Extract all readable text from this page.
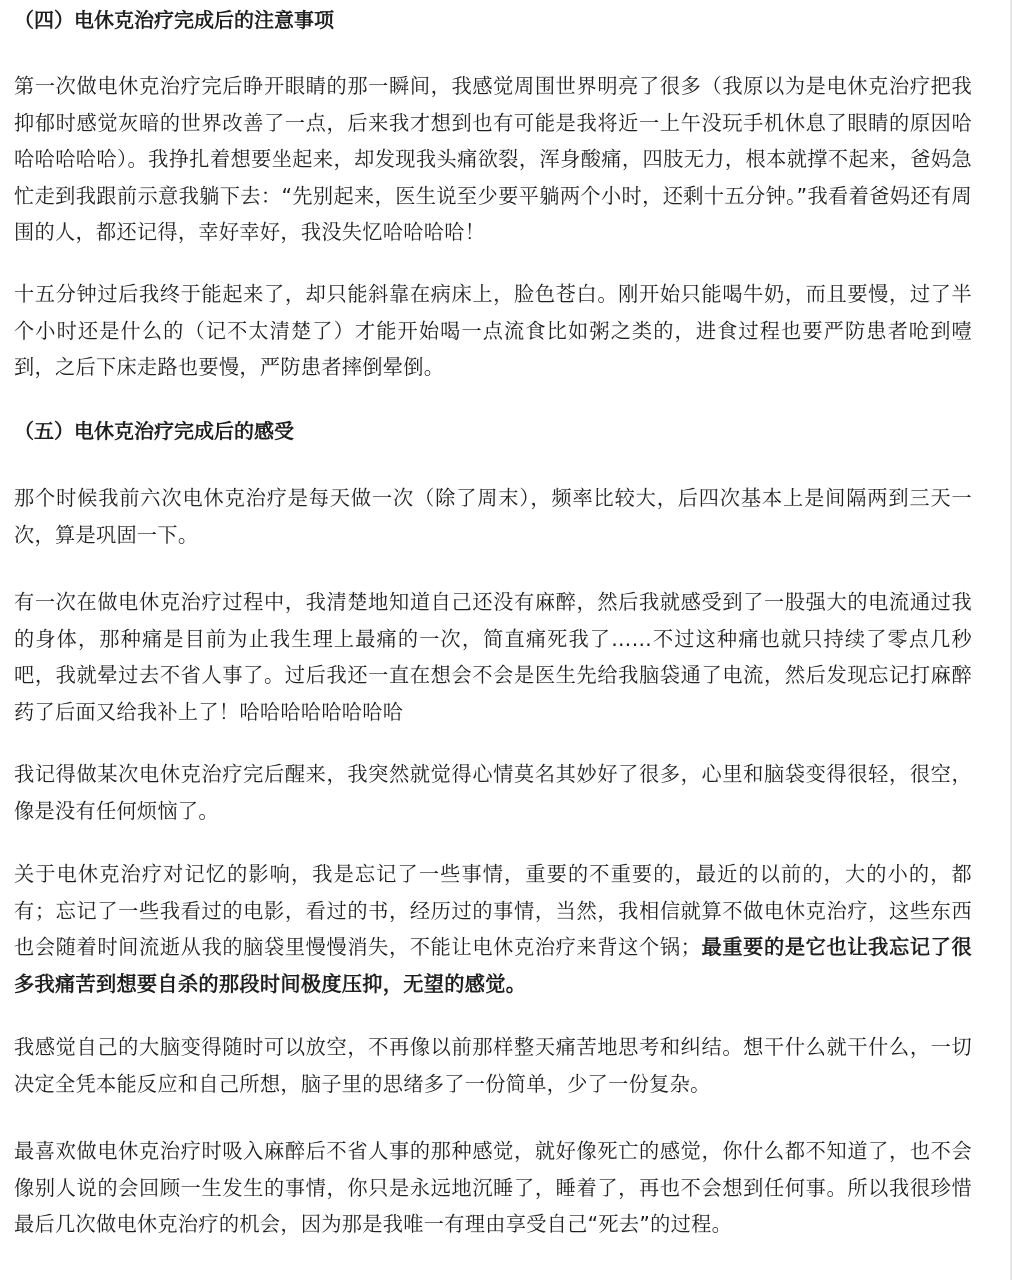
（四）电休克治疗完成后的注意事项

第一次做电休克治疗完后睁开眼睛的那一瞬间，我感觉周围世界明亮了很多（我原以为是电休克治疗把我抑郁时感觉灰暗的世界改善了一点，后来我才想到也有可能是我将近一上午没玩手机休息了眼睛的原因哈哈哈哈哈哈）。我挣扎着想要坐起来，却发现我头痛欲裂，浑身酸痛，四肢无力，根本就撑不起来，爸妈急忙走到我跟前示意我躺下去：“先别起来，医生说至少要平躺两个小时，还剩十五分钟。”我看着爸妈还有周围的人，都还记得，幸好幸好，我没失忆哈哈哈哈！

十五分钟过后我终于能起来了，却只能斜靠在病床上，脸色苍白。刚开始只能喝牛奶，而且要慢，过了半个小时还是什么的（记不太清楚了）才能开始喝一点流食比如粥之类的，进食过程也要严防患者呛到噎到，之后下床走路也要慢，严防患者摔倒晕倒。

（五）电休克治疗完成后的感受

那个时候我前六次电休克治疗是每天做一次（除了周末），频率比较大，后四次基本上是间隔两到三天一次，算是巩固一下。

有一次在做电休克治疗过程中，我清楚地知道自己还没有麻醉，然后我就感受到了一股强大的电流通过我的身体，那种痛是目前为止我生理上最痛的一次，简直痛死我了……不过这种痛也就只持续了零点几秒吧，我就晕过去不省人事了。过后我还一直在想会不会是医生先给我脑袋通了电流，然后发现忘记打麻醉药了后面又给我补上了！哈哈哈哈哈哈哈哈

我记得做某次电休克治疗完后醒来，我突然就觉得心情莫名其妙好了很多，心里和脑袋变得很轻，很空，像是没有任何烦恼了。

关于电休克治疗对记忆的影响，我是忘记了一些事情，重要的不重要的，最近的以前的，大的小的，都有；忘记了一些我看过的电影，看过的书，经历过的事情，当然，我相信就算不做电休克治疗，这些东西也会随着时间流逝从我的脑袋里慢慢消失，不能让电休克治疗来背这个锅；最重要的是它也让我忘记了很多我痛苦到想要自杀的那段时间极度压抑，无望的感觉。

我感觉自己的大脑变得随时可以放空，不再像以前那样整天痛苦地思考和纠结。想干什么就干什么，一切决定全凭本能反应和自己所想，脑子里的思绪多了一份简单，少了一份复杂。

最喜欢做电休克治疗时吸入麻醉后不省人事的那种感觉，就好像死亡的感觉，你什么都不知道了，也不会像别人说的会回顾一生发生的事情，你只是永远地沉睡了，睡着了，再也不会想到任何事。所以我很珍惜最后几次做电休克治疗的机会，因为那是我唯一有理由享受自己“死去”的过程。
